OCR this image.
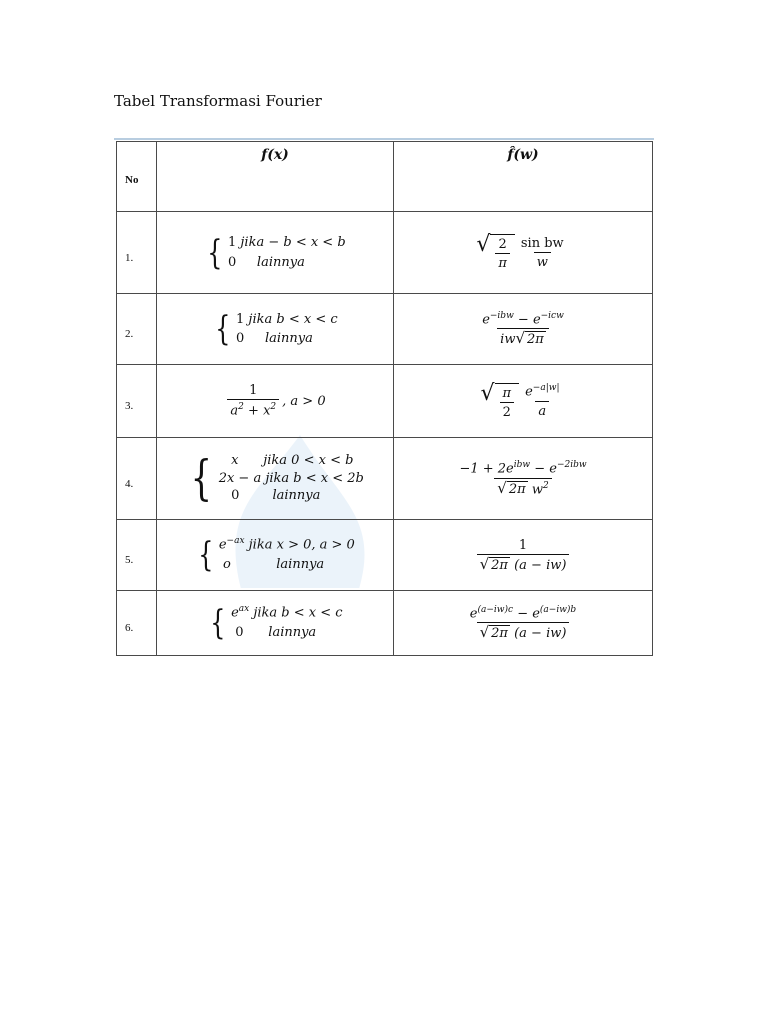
Tabel Transformasi Fourier
No	f(x)	f̂(w)
1.	{ 1 jika − b < x < b
0 lainnya	√ $\frac{2}{\pi} \frac{\text{sin bw}}{w}$

2.	{ 1 jika b < x < c
0 lainnya	$\frac{e^{-ibw} - e^{-icw}}{iw √ 2\pi}$

3.	$\frac{1}{a^2 + x^2}$ , a > 0	√ $\frac{\pi}{2} \frac{e^{-a|w|}}{a}$

4.	{ x jika 0 < x < b
2x − a jika b < x < 2b
0 lainnya	$\frac{-1 + 2e^{ibw} - e^{-2ibw}}{√ 2\pi w^2}$

5.	{ $e^{-ax}$ jika x > 0, a > 0
o lainnya	$\frac{1}{√ 2\pi (a - iw)}$

6.	{ $e^{ax}$ jika b < x < c
0 lainnya	$\frac{e^{(a-iw)c} - e^{(a-iw)b}}{√ 2\pi (a - iw)}$
